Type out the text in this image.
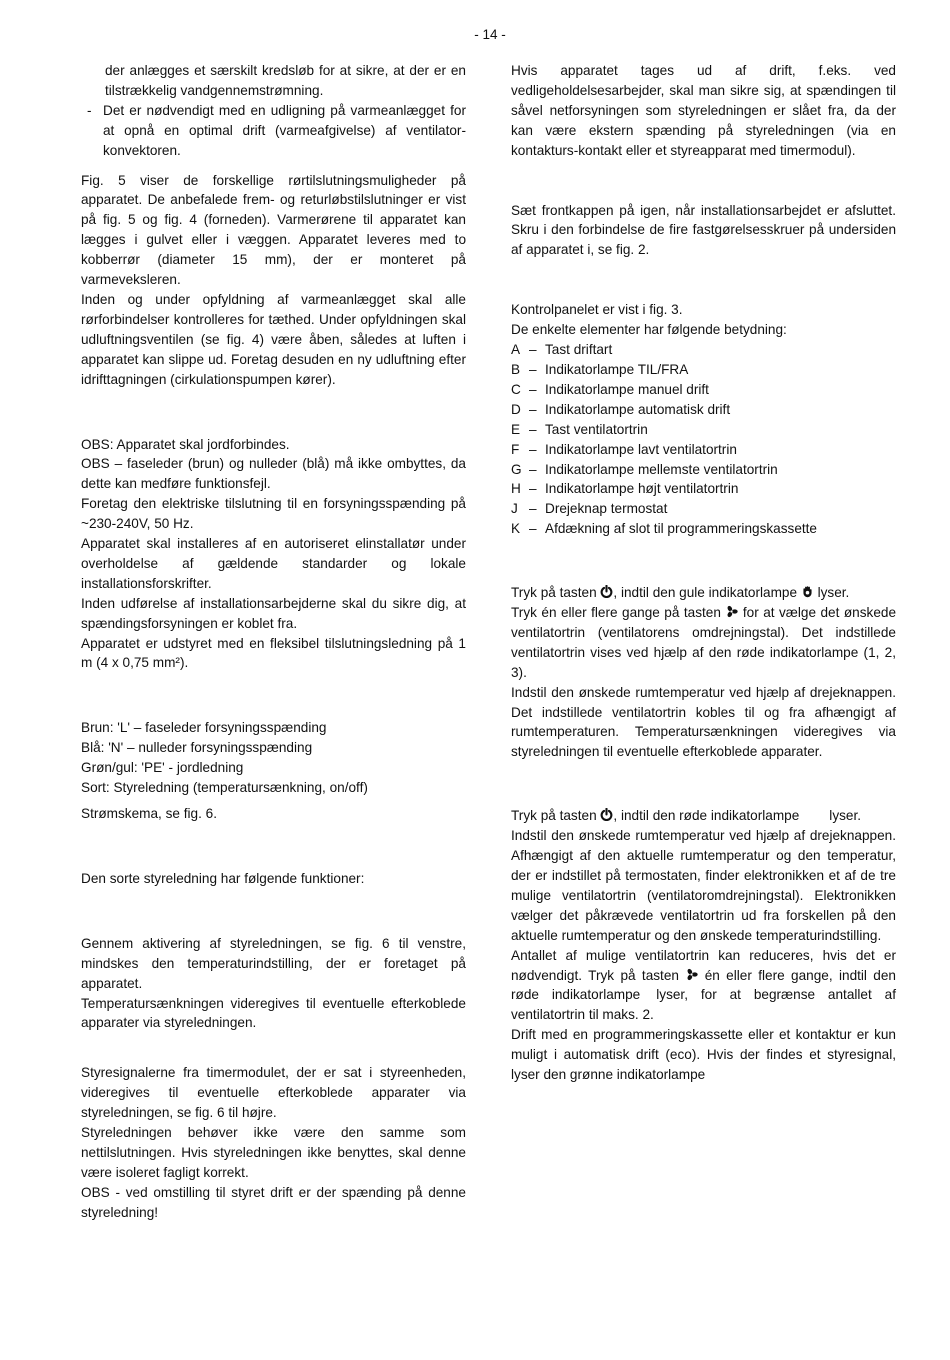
- 14 -

der anlægges et særskilt kredsløb for at sikre, at der er en tilstrækkelig vandgennemstrømning.

- Det er nødvendigt med en udligning på varmeanlægget for at opnå en optimal drift (varmeafgivelse) af ventilator-konvektoren.

Fig. 5 viser de forskellige rørtilslutningsmuligheder på apparatet. De anbefalede frem- og returløbstilslutninger er vist på fig. 5 og fig. 4 (forneden). Varmerørene til apparatet kan lægges i gulvet eller i væggen. Apparatet leveres med to kobberrør (diameter 15 mm), der er monteret på varmeveksleren.

Inden og under opfyldning af varmeanlægget skal alle rørforbindelser kontrolleres for tæthed. Under opfyldningen skal udluftningsventilen (se fig. 4) være åben, således at luften i apparatet kan slippe ud. Foretag desuden en ny udluftning efter idrifttagningen (cirkulationspumpen kører).

OBS: Apparatet skal jordforbindes.

OBS – faseleder (brun) og nulleder (blå) må ikke ombyttes, da dette kan medføre funktionsfejl.

Foretag den elektriske tilslutning til en forsyningsspænding på ~230-240V, 50 Hz.

Apparatet skal installeres af en autoriseret elinstallatør under overholdelse af gældende standarder og lokale installationsforskrifter.

Inden udførelse af installationsarbejderne skal du sikre dig, at spændingsforsyningen er koblet fra.

Apparatet er udstyret med en fleksibel tilslutningsledning på 1 m (4 x 0,75 mm²).

Brun: 'L' – faseleder forsyningsspænding

Blå: 'N' – nulleder forsyningsspænding

Grøn/gul: 'PE' - jordledning

Sort: Styreledning (temperatursænkning, on/off)

Strømskema, se fig. 6.

Den sorte styreledning har følgende funktioner:

Gennem aktivering af styreledningen, se fig. 6 til venstre, mindskes den temperaturindstilling, der er foretaget på apparatet.

Temperatursænkningen videregives til eventuelle efterkoblede apparater via styreledningen.

Styresignalerne fra timermodulet, der er sat i styreenheden, videregives til eventuelle efterkoblede apparater via styreledningen, se fig. 6 til højre.

Styreledningen behøver ikke være den samme som nettilslutningen. Hvis styreledningen ikke benyttes, skal denne være isoleret fagligt korrekt.

OBS - ved omstilling til styret drift er der spænding på denne styreledning!

Hvis apparatet tages ud af drift, f.eks. ved vedligeholdelsesarbejder, skal man sikre sig, at spændingen til såvel netforsyningen som styreledningen er slået fra, da der kan være ekstern spænding på styreledningen (via en kontakturs-kontakt eller et styreapparat med timermodul).

Sæt frontkappen på igen, når installationsarbejdet er afsluttet. Skru i den forbindelse de fire fastgørelsesskruer på undersiden af apparatet i, se fig. 2.

Kontrolpanelet er vist i fig. 3.

De enkelte elementer har følgende betydning:

A – Tast driftart
B – Indikatorlampe TIL/FRA
C – Indikatorlampe manuel drift
D – Indikatorlampe automatisk drift
E – Tast ventilatortrin
F – Indikatorlampe lavt ventilatortrin
G – Indikatorlampe mellemste ventilatortrin
H – Indikatorlampe højt ventilatortrin
J – Drejeknap termostat
K – Afdækning af slot til programmeringskassette

Tryk på tasten
, indtil den gule indikatorlampe
lyser.

Tryk én eller flere gange på tasten
for at vælge det ønskede ventilatortrin (ventilatorens omdrejningstal). Det indstillede ventilatortrin vises ved hjælp af den røde indikatorlampe (1, 2, 3).

Indstil den ønskede rumtemperatur ved hjælp af drejeknappen. Det indstillede ventilatortrin kobles til og fra afhængigt af rumtemperaturen. Temperatursænkningen videregives via styreledningen til eventuelle efterkoblede apparater.

Tryk på tasten
, indtil den røde indikatorlampe lyser.

Indstil den ønskede rumtemperatur ved hjælp af drejeknappen. Afhængigt af den aktuelle rumtemperatur og den temperatur, der er indstillet på termostaten, finder elektronikken et af de tre mulige ventilatortrin (ventilatoromdrejningstal). Elektronikken vælger det påkrævede ventilatortrin ud fra forskellen på den aktuelle rumtemperatur og den ønskede temperaturindstilling.

Antallet af mulige ventilatortrin kan reduceres, hvis det er nødvendigt. Tryk på tasten
én eller flere gange, indtil den røde indikatorlampe lyser, for at begrænse antallet af ventilatortrin til maks. 2.

Drift med en programmeringskassette eller et kontaktur er kun muligt i automatisk drift (eco). Hvis der findes et styresignal, lyser den grønne indikatorlampe
